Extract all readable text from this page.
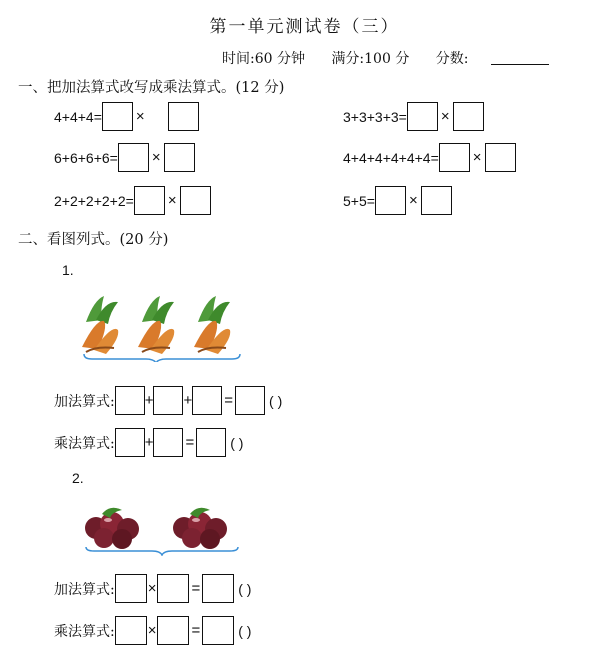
第一单元测试卷（三）
时间:60 分钟 满分:100 分 分数:
一、把加法算式改写成乘法算式。(12 分)
4+4+4= ×	3+3+3+3= ×
6+6+6+6= ×	4+4+4+4+4+4= ×
2+2+2+2+2= ×	5+5= ×
二、看图列式。(20 分)
1.
加法算式: + + =	( )
乘法算式: + =	( )
2.
加法算式: × =	( )
乘法算式: × =	( )
